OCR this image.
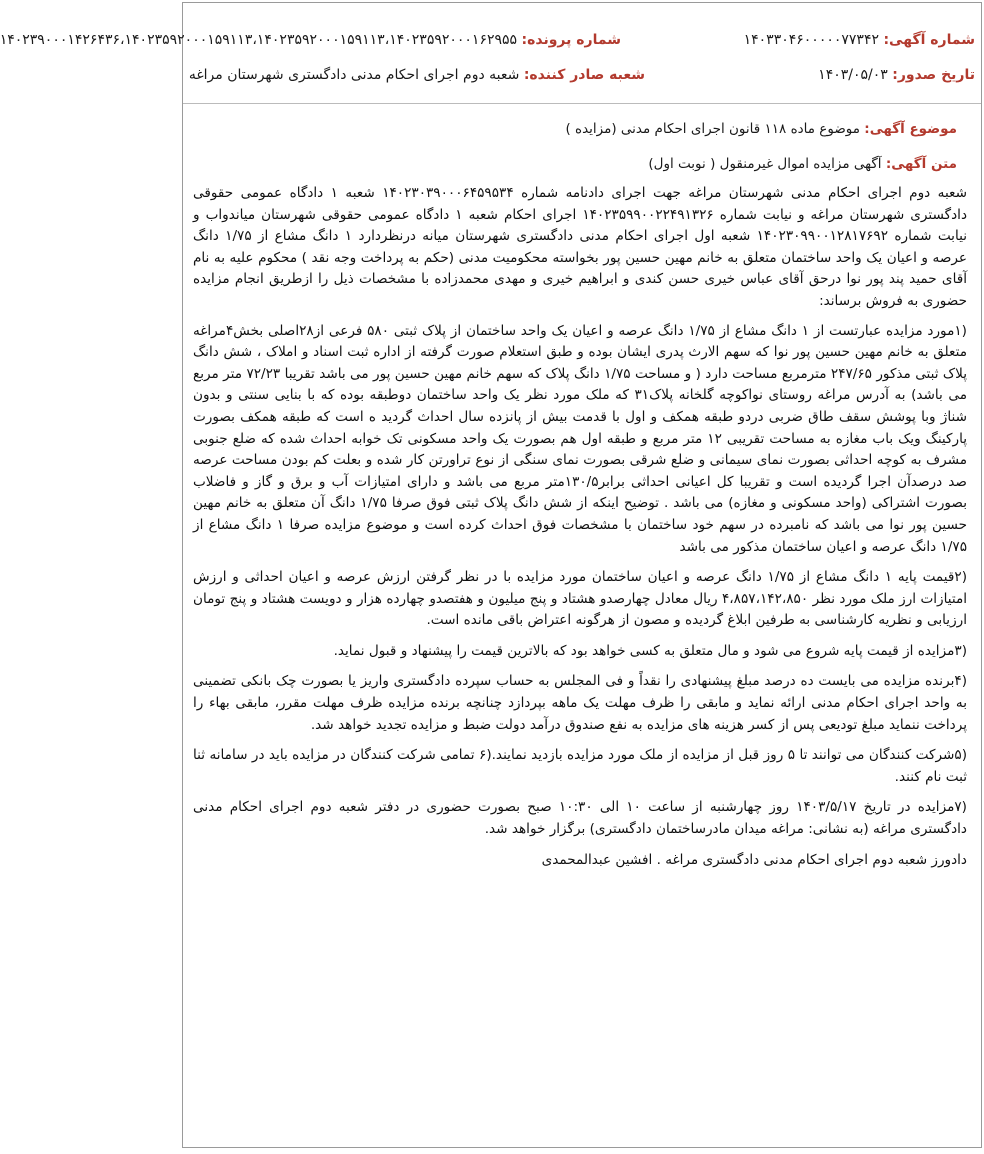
شماره آگهی: ۱۴۰۳۳۰۴۶۰۰۰۰۰۷۷۳۴۲
شماره پرونده: ۱۴۰۲۳۹۰۰۰۱۴۲۶۴۳۶،۱۴۰۲۳۵۹۲۰۰۰۱۵۹۱۱۳،۱۴۰۲۳۵۹۲۰۰۰۱۵۹۱۱۳،۱۴۰۲۳۵۹۲۰۰۰۱۶۲۹۵۵
تاریخ صدور: ۱۴۰۳/۰۵/۰۳
شعبه صادر کننده: شعبه دوم اجرای احکام مدنی دادگستری شهرستان مراغه
موضوع آگهی: موضوع ماده ۱۱۸ قانون اجرای احکام مدنی (مزایده )
متن آگهی: آگهی مزایده اموال غیرمنقول ( نوبت اول)

شعبه دوم اجرای احکام مدنی شهرستان مراغه جهت اجرای دادنامه شماره ۱۴۰۲۳۰۳۹۰۰۰۶۴۵۹۵۳۴ شعبه ۱ دادگاه عمومی حقوقی دادگستری شهرستان مراغه و نیابت شماره ۱۴۰۲۳۵۹۹۰۰۲۲۴۹۱۳۲۶ اجرای احکام شعبه ۱ دادگاه عمومی حقوقی شهرستان میاندواب و نیابت شماره ۱۴۰۲۳۰۹۹۰۰۱۲۸۱۷۶۹۲ شعبه اول اجرای احکام مدنی دادگستری شهرستان میانه درنظردارد ۱ دانگ مشاع از ۱/۷۵ دانگ عرصه و اعیان یک واحد ساختمان متعلق به خانم مهین حسین پور بخواسته محکومیت مدنی (حکم به پرداخت وجه نقد ) محکوم علیه به نام آقای حمید پند پور نوا درحق آقای عباس خیری حسن کندی و ابراهیم خیری و مهدی محمدزاده با مشخصات ذیل را ازطریق انجام مزایده حضوری به فروش برساند:

(۱مورد مزایده عبارتست از ۱ دانگ مشاع از ۱/۷۵ دانگ عرصه و اعیان یک واحد ساختمان از پلاک ثبتی ۵۸۰ فرعی از۲۸اصلی بخش۴مراغه متعلق به خانم مهین حسین پور نوا که سهم الارث پدری ایشان بوده و طبق استعلام صورت گرفته از اداره ثبت اسناد و املاک ، شش دانگ پلاک ثبتی مذکور ۲۴۷/۶۵ مترمربع مساحت دارد ( و مساحت ۱/۷۵ دانگ پلاک که سهم خانم مهین حسین پور می باشد تقریبا ۷۲/۲۳ متر مربع می باشد) به آدرس مراغه روستای نواکوچه گلخانه پلاک۳۱ که ملک مورد نظر یک واحد ساختمان دوطبقه بوده که با بنایی سنتی و بدون شناژ وبا پوشش سقف طاق ضربی دردو طبقه همکف و اول با قدمت بیش از پانزده سال احداث گردید ه است که طبقه همکف بصورت پارکینگ ویک باب مغازه به مساحت تقریبی ۱۲ متر مربع و طبقه اول هم بصورت یک واحد مسکونی تک خوابه احداث شده که ضلع جنوبی مشرف به کوچه احداثی بصورت نمای سیمانی و ضلع شرقی بصورت نمای سنگی از نوع تراورتن کار شده و بعلت کم بودن مساحت عرصه صد درصدآن اجرا گردیده است و تقریبا کل اعیانی احداثی برابر۱۳۰/۵متر مربع می باشد و دارای امتیازات آب و برق و گاز و فاضلاب بصورت اشتراکی (واحد مسکونی و مغازه) می باشد . توضیح اینکه از شش دانگ پلاک ثبتی فوق صرفا ۱/۷۵ دانگ آن متعلق به خانم مهین حسین پور نوا می باشد که نامبرده در سهم خود ساختمان با مشخصات فوق احداث کرده است و موضوع مزایده صرفا ۱ دانگ مشاع از ۱/۷۵ دانگ عرصه و اعیان ساختمان مذکور می باشد

(۲قیمت پایه ۱ دانگ مشاع از ۱/۷۵ دانگ عرصه و اعیان ساختمان مورد مزایده با در نظر گرفتن ارزش عرصه و اعیان احداثی و ارزش امتیازات ارز ملک مورد نظر ۴،۸۵۷،۱۴۲،۸۵۰ ریال معادل چهارصدو هشتاد و پنج میلیون و هفتصدو چهارده هزار و دویست هشتاد و پنج تومان ارزیابی و نظریه کارشناسی به طرفین ابلاغ گردیده و مصون از هرگونه اعتراض باقی مانده است.

(۳مزایده از قیمت پایه شروع می شود و مال متعلق به کسی خواهد بود که بالاترین قیمت را پیشنهاد و قبول نماید.

(۴برنده مزایده می بایست ده درصد مبلغ پیشنهادی را نقداً و فی المجلس به حساب سپرده دادگستری واریز یا بصورت چک بانکی تضمینی به واحد اجرای احکام مدنی ارائه نماید و مابقی را ظرف مهلت یک ماهه بپردازد چنانچه برنده مزایده ظرف مهلت مقرر، مابقی بهاء را پرداخت ننماید مبلغ تودیعی پس از کسر هزینه های مزایده به نفع صندوق درآمد دولت ضبط و مزایده تجدید خواهد شد.

(۵شرکت کنندگان می توانند تا ۵ روز قبل از مزایده از ملک مورد مزایده بازدید نمایند.(۶ تمامی شرکت کنندگان در مزایده باید در سامانه ثنا ثبت نام کنند.

(۷مزایده در تاریخ ۱۴۰۳/۵/۱۷ روز چهارشنبه از ساعت ۱۰ الی ۱۰:۳۰ صبح بصورت حضوری در دفتر شعبه دوم اجرای احکام مدنی دادگستری مراغه (به نشانی: مراغه میدان مادرساختمان دادگستری) برگزار خواهد شد.

دادورز شعبه دوم اجرای احکام مدنی دادگستری مراغه . افشین عبدالمحمدی
